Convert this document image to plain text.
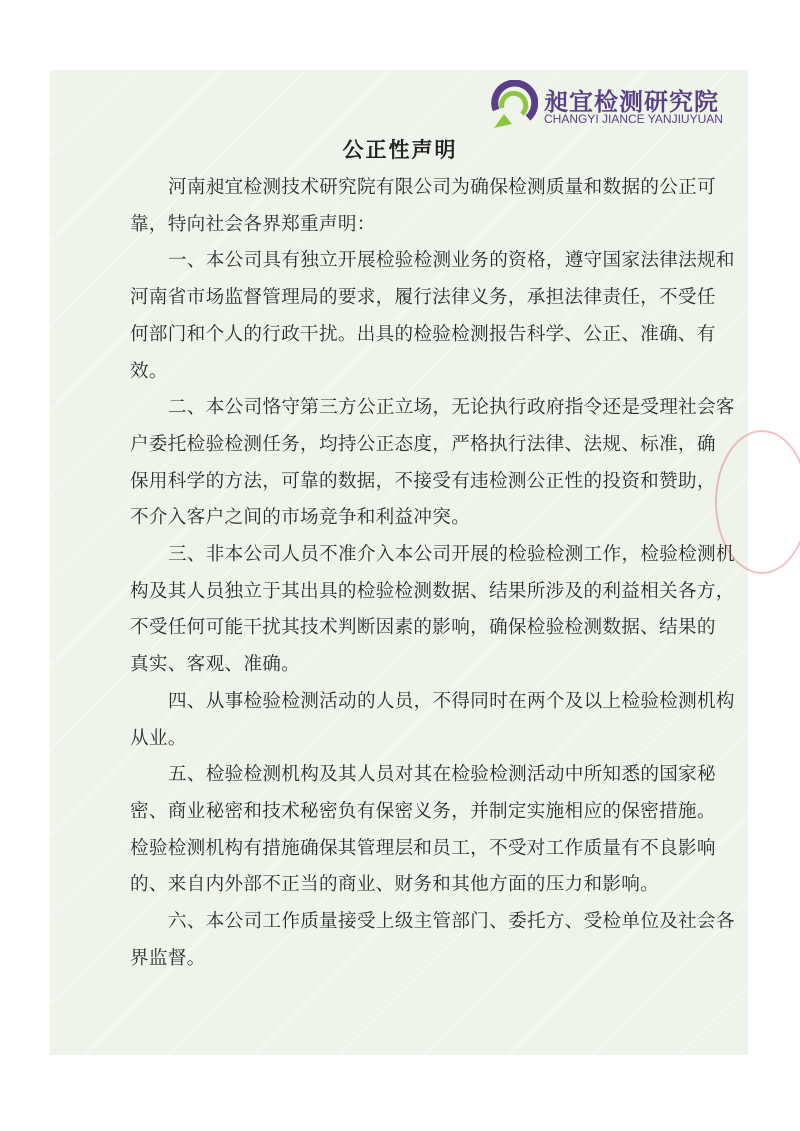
昶宜检测研究院
CHANGYI JIANCE YANJIUYUAN
公正性声明
河南昶宜检测技术研究院有限公司为确保检测质量和数据的公正可
靠，特向社会各界郑重声明：
一、本公司具有独立开展检验检测业务的资格，遵守国家法律法规和
河南省市场监督管理局的要求，履行法律义务，承担法律责任，不受任
何部门和个人的行政干扰。出具的检验检测报告科学、公正、准确、有
效。
二、本公司恪守第三方公正立场，无论执行政府指令还是受理社会客
户委托检验检测任务，均持公正态度，严格执行法律、法规、标准，确
保用科学的方法，可靠的数据，不接受有违检测公正性的投资和赞助，
不介入客户之间的市场竞争和利益冲突。
三、非本公司人员不准介入本公司开展的检验检测工作，检验检测机
构及其人员独立于其出具的检验检测数据、结果所涉及的利益相关各方，
不受任何可能干扰其技术判断因素的影响，确保检验检测数据、结果的
真实、客观、准确。
四、从事检验检测活动的人员，不得同时在两个及以上检验检测机构
从业。
五、检验检测机构及其人员对其在检验检测活动中所知悉的国家秘
密、商业秘密和技术秘密负有保密义务，并制定实施相应的保密措施。
检验检测机构有措施确保其管理层和员工，不受对工作质量有不良影响
的、来自内外部不正当的商业、财务和其他方面的压力和影响。
六、本公司工作质量接受上级主管部门、委托方、受检单位及社会各
界监督。
